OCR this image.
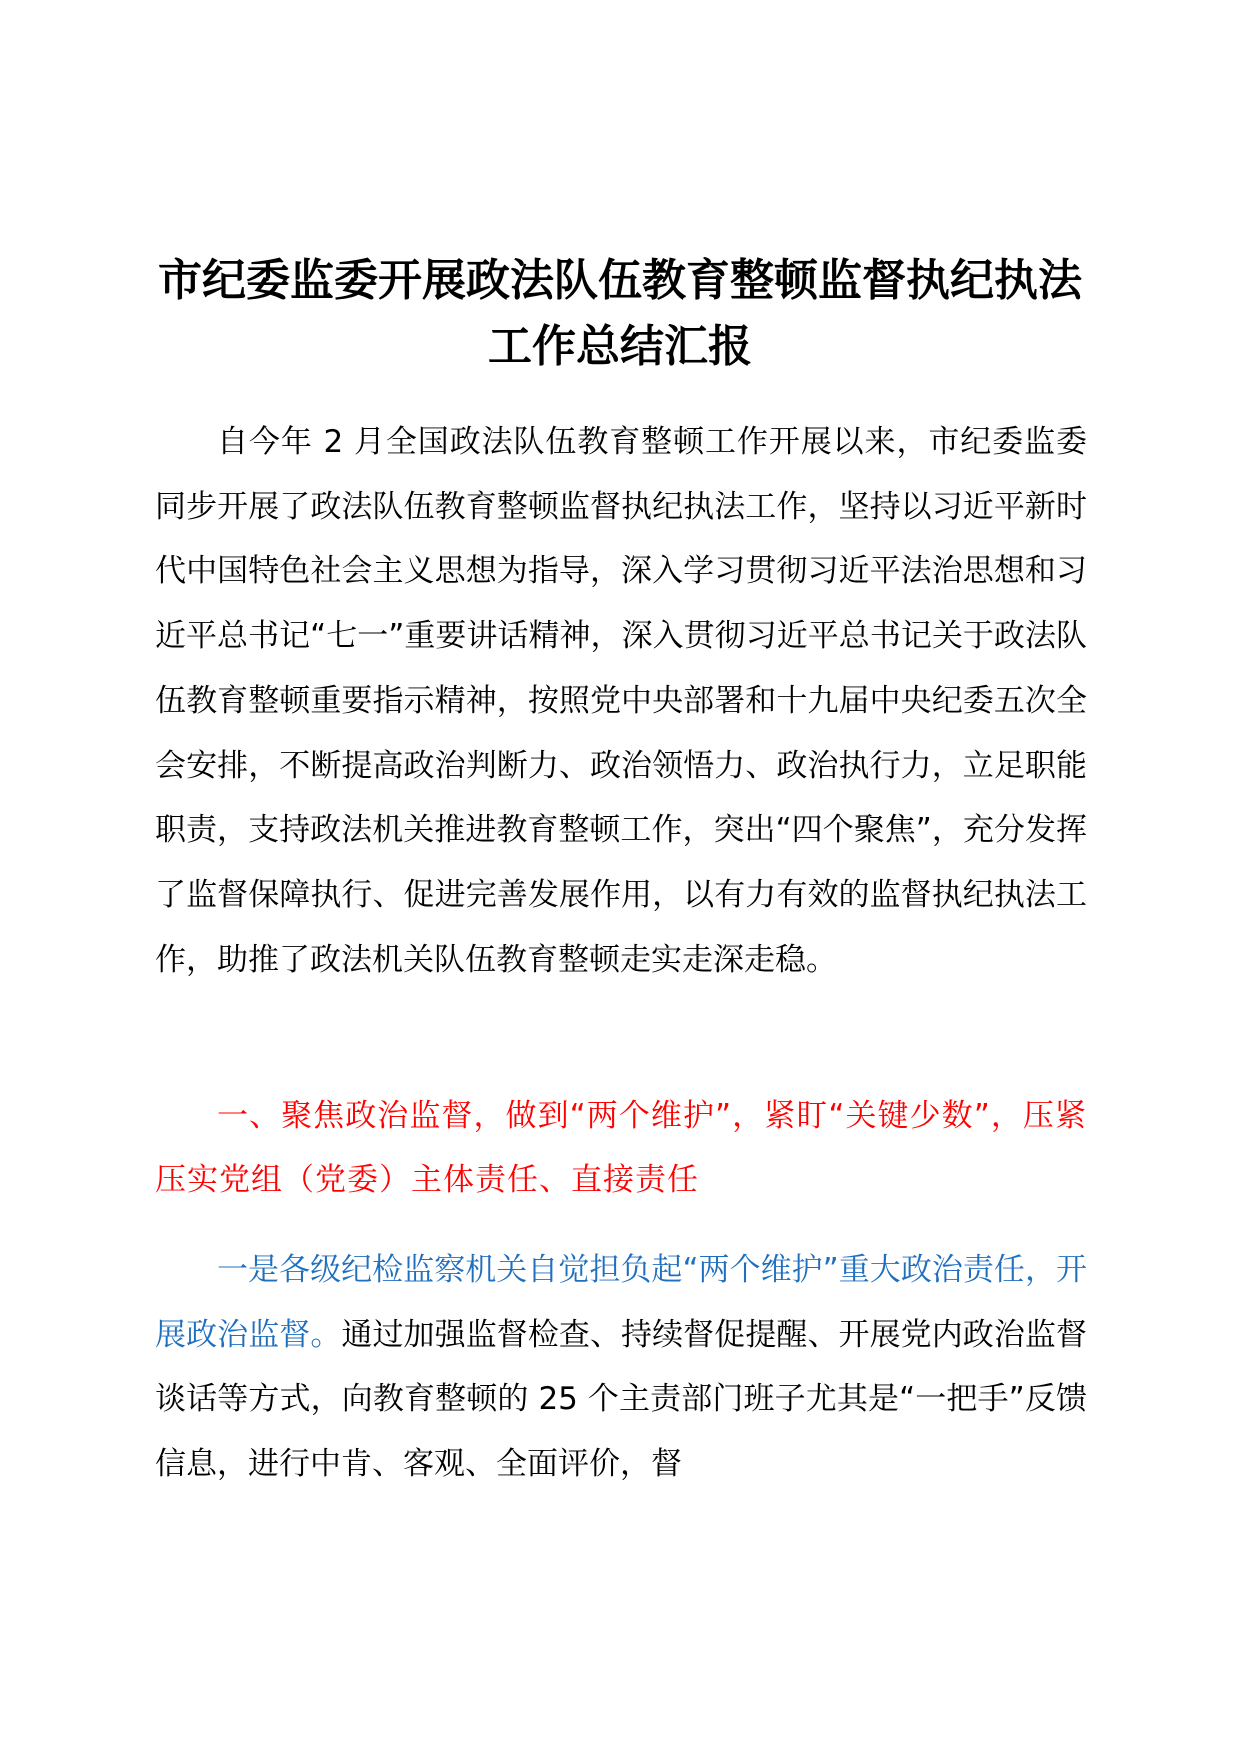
市纪委监委开展政法队伍教育整顿监督执纪执法工作总结汇报

自今年 2 月全国政法队伍教育整顿工作开展以来，市纪委监委同步开展了政法队伍教育整顿监督执纪执法工作，坚持以习近平新时代中国特色社会主义思想为指导，深入学习贯彻习近平法治思想和习近平总书记“七一”重要讲话精神，深入贯彻习近平总书记关于政法队伍教育整顿重要指示精神，按照党中央部署和十九届中央纪委五次全会安排，不断提高政治判断力、政治领悟力、政治执行力，立足职能职责，支持政法机关推进教育整顿工作，突出“四个聚焦”，充分发挥了监督保障执行、促进完善发展作用，以有力有效的监督执纪执法工作，助推了政法机关队伍教育整顿走实走深走稳。

一、聚焦政治监督，做到“两个维护”，紧盯“关键少数”，压紧压实党组（党委）主体责任、直接责任

一是各级纪检监察机关自觉担负起“两个维护”重大政治责任，开展政治监督。通过加强监督检查、持续督促提醒、开展党内政治监督谈话等方式，向教育整顿的 25 个主责部门班子尤其是“一把手”反馈信息，进行中肯、客观、全面评价，督
